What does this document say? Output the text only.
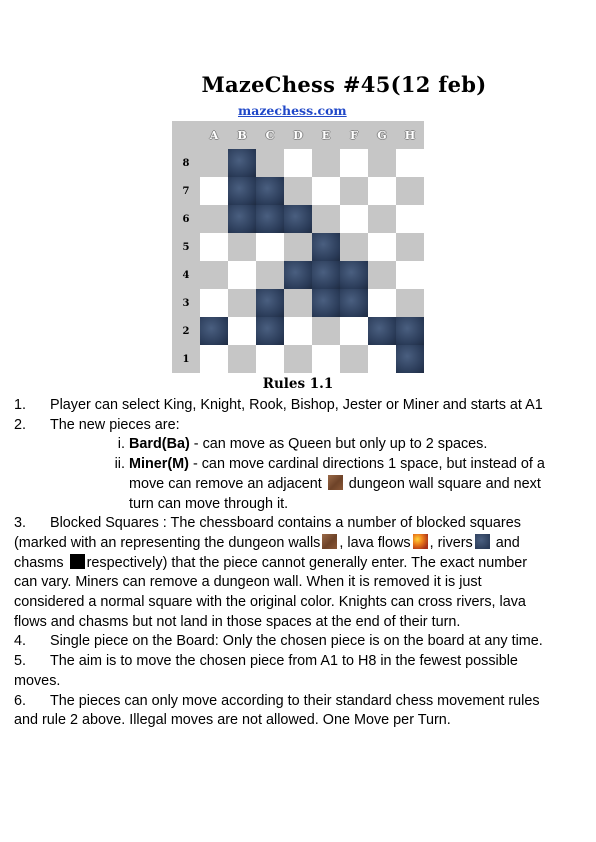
MazeChess #45(12 feb)
mazechess.com
A B C D E F G H
8
7
6
5
4
3
2
1
Rules 1.1
1. Player can select King, Knight, Rook, Bishop, Jester or Miner and starts at A1
2. The new pieces are:
i. Bard(Ba) - can move as Queen but only up to 2 spaces.
ii. Miner(M) - can move cardinal directions 1 space, but instead of a
move can remove an adjacent  dungeon wall square and next
turn can move through it.
3. Blocked Squares : The chessboard contains a number of blocked squares
(marked with an representing the dungeon walls , lava flows , rivers and
chasms respectively) that the piece cannot generally enter. The exact number
can vary. Miners can remove a dungeon wall. When it is removed it is just
considered a normal square with the original color. Knights can cross rivers, lava
flows and chasms but not land in those spaces at the end of their turn.
4. Single piece on the Board: Only the chosen piece is on the board at any time.
5. The aim is to move the chosen piece from A1 to H8 in the fewest possible
moves.
6. The pieces can only move according to their standard chess movement rules
and rule 2 above. Illegal moves are not allowed. One Move per Turn.
